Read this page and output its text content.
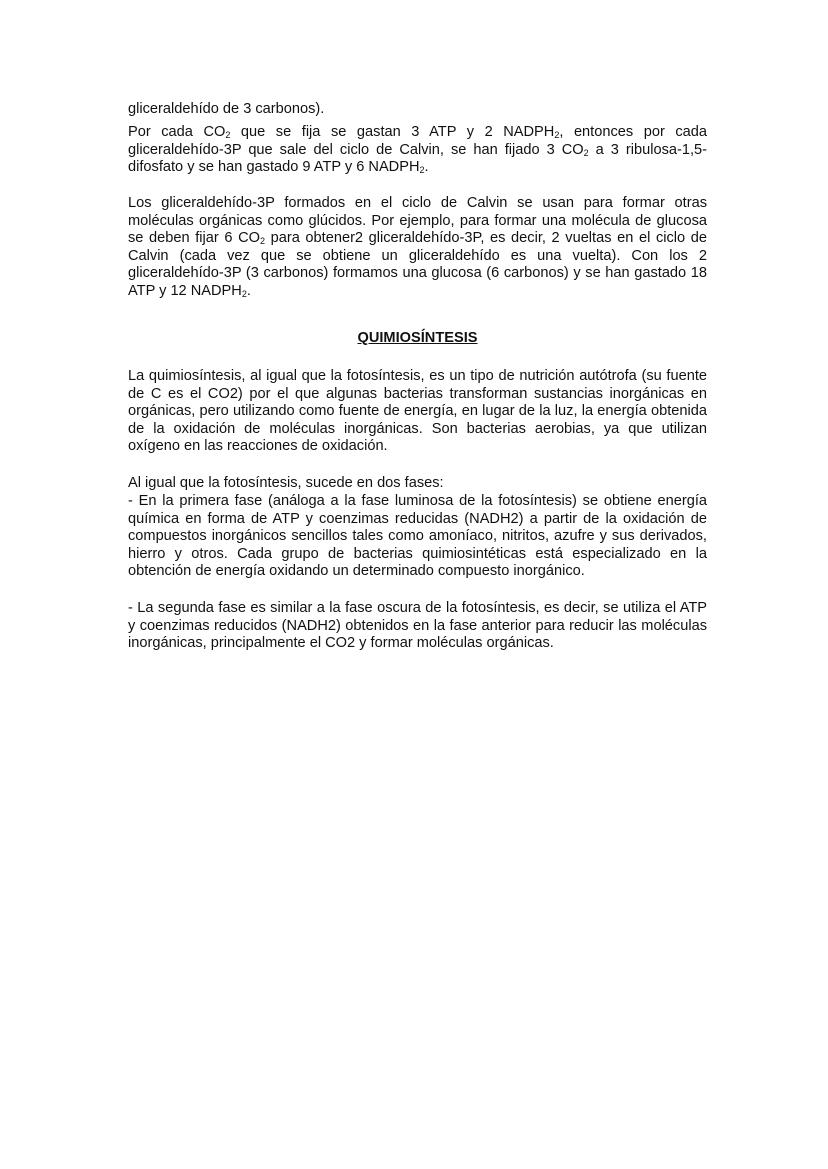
gliceraldehído de 3 carbonos).

Por cada $CO_2$ que se fija se gastan 3 ATP y 2 $NADPH_2$, entonces por cada gliceraldehído-3P que sale del ciclo de Calvin, se han fijado 3 $CO_2$ a 3 ribulosa-1,5-difosfato y se han gastado 9 ATP y 6 $NADPH_2$.

Los gliceraldehído-3P formados en el ciclo de Calvin se usan para formar otras moléculas orgánicas como glúcidos. Por ejemplo, para formar una molécula de glucosa se deben fijar 6 $CO_2$ para obtener2 gliceraldehído-3P, es decir, 2 vueltas en el ciclo de Calvin (cada vez que se obtiene un gliceraldehído es una vuelta). Con los 2 gliceraldehído-3P (3 carbonos) formamos una glucosa (6 carbonos) y se han gastado 18 ATP y 12 $NADPH_2$.

QUIMIOSÍNTESIS

La quimiosíntesis, al igual que la fotosíntesis, es un tipo de nutrición autótrofa (su fuente de C es el CO2) por el que algunas bacterias transforman sustancias inorgánicas en orgánicas, pero utilizando como fuente de energía, en lugar de la luz, la energía obtenida de la oxidación de moléculas inorgánicas. Son bacterias aerobias, ya que utilizan oxígeno en las reacciones de oxidación.

Al igual que la fotosíntesis, sucede en dos fases:

- En la primera fase (análoga a la fase luminosa de la fotosíntesis) se obtiene energía química en forma de ATP y coenzimas reducidas (NADH2) a partir de la oxidación de compuestos inorgánicos sencillos tales como amoníaco, nitritos, azufre y sus derivados, hierro y otros. Cada grupo de bacterias quimiosintéticas está especializado en la obtención de energía oxidando un determinado compuesto inorgánico.

- La segunda fase es similar a la fase oscura de la fotosíntesis, es decir, se utiliza el ATP y coenzimas reducidos (NADH2) obtenidos en la fase anterior para reducir las moléculas inorgánicas, principalmente el CO2 y formar moléculas orgánicas.
